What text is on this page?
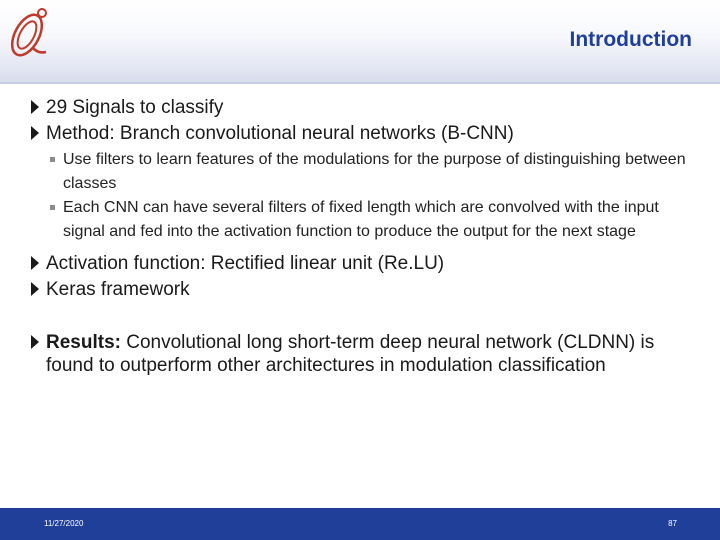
Introduction
29 Signals to classify
Method: Branch convolutional neural networks (B-CNN)
Use filters to learn features of the modulations for the purpose of distinguishing between classes
Each CNN can have several filters of fixed length which are convolved with the input signal and fed into the activation function to produce the output for the next stage
Activation function: Rectified linear unit (Re.LU)
Keras framework
Results: Convolutional long short-term deep neural network (CLDNN) is found to outperform other architectures in modulation classification
11/27/2020	87
